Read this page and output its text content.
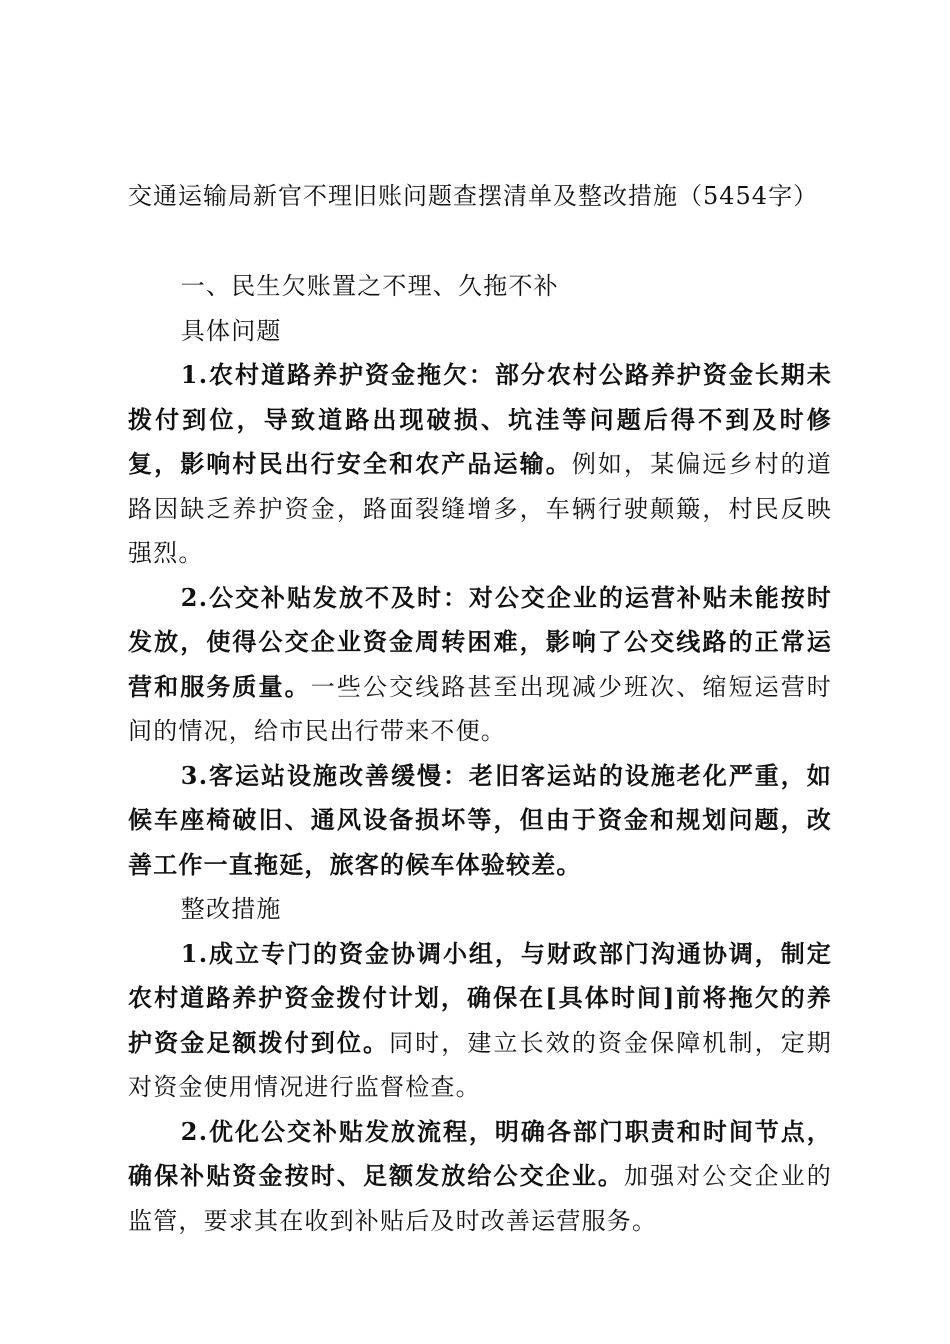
交通运输局新官不理旧账问题查摆清单及整改措施（5454字）

一、民生欠账置之不理、久拖不补

具体问题

1.农村道路养护资金拖欠：部分农村公路养护资金长期未拨付到位，导致道路出现破损、坑洼等问题后得不到及时修复，影响村民出行安全和农产品运输。例如，某偏远乡村的道路因缺乏养护资金，路面裂缝增多，车辆行驶颠簸，村民反映强烈。

2.公交补贴发放不及时：对公交企业的运营补贴未能按时发放，使得公交企业资金周转困难，影响了公交线路的正常运营和服务质量。一些公交线路甚至出现减少班次、缩短运营时间的情况，给市民出行带来不便。

3.客运站设施改善缓慢：老旧客运站的设施老化严重，如候车座椅破旧、通风设备损坏等，但由于资金和规划问题，改善工作一直拖延，旅客的候车体验较差。

整改措施

1.成立专门的资金协调小组，与财政部门沟通协调，制定农村道路养护资金拨付计划，确保在[具体时间]前将拖欠的养护资金足额拨付到位。同时，建立长效的资金保障机制，定期对资金使用情况进行监督检查。

2.优化公交补贴发放流程，明确各部门职责和时间节点，确保补贴资金按时、足额发放给公交企业。加强对公交企业的监管，要求其在收到补贴后及时改善运营服务。
